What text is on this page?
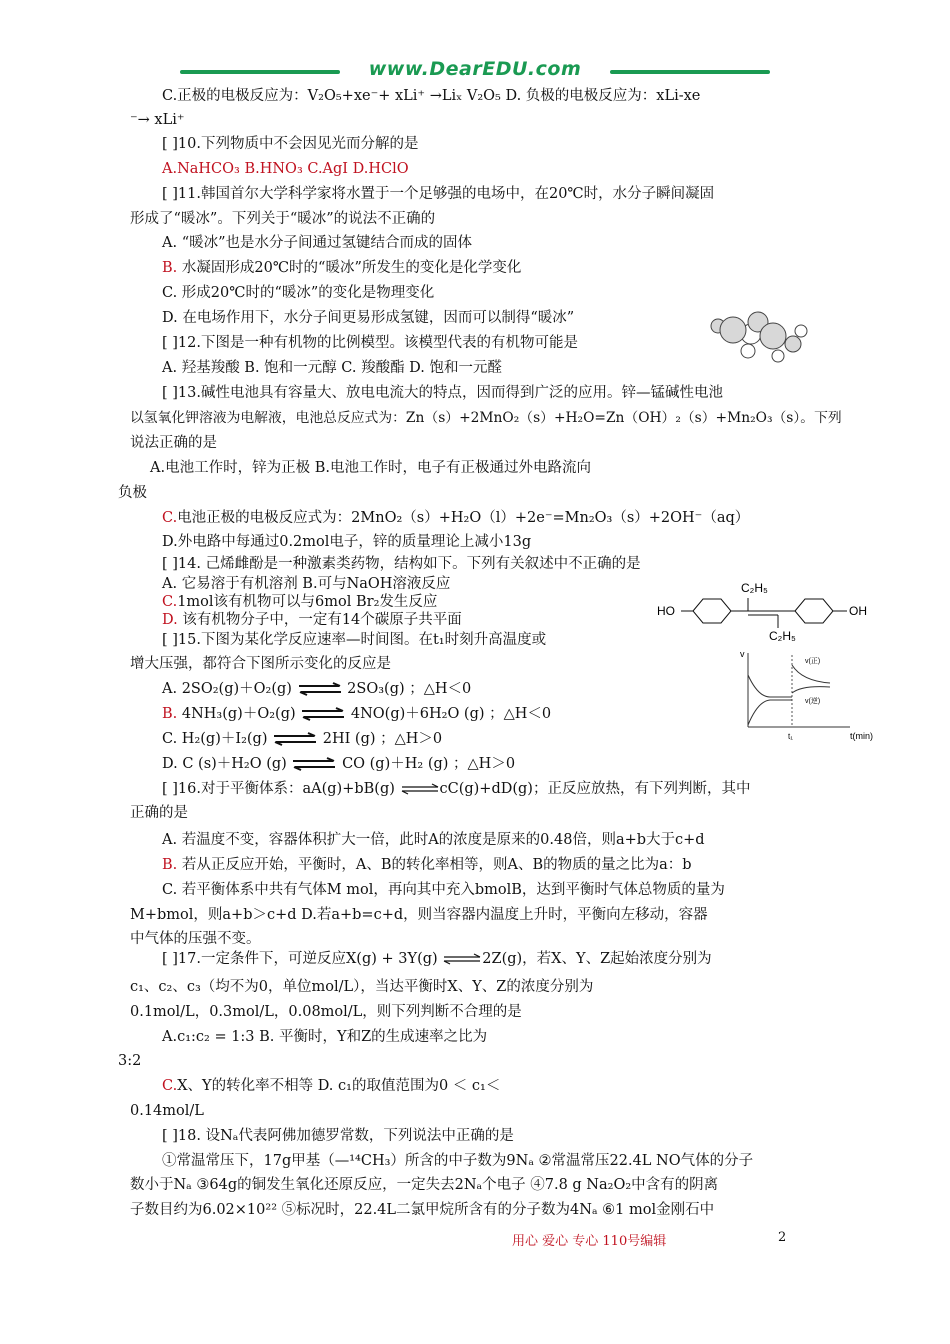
www.DearEDU.com
C.正极的电极反应为：V₂O₅+xe⁻+ xLi⁺ →Liₓ V₂O₅ D. 负极的电极反应为：xLi-xe
⁻→ xLi⁺
[ ]10.下列物质中不会因见光而分解的是
A.NaHCO₃ B.HNO₃ C.AgI D.HClO
[ ]11.韩国首尔大学科学家将水置于一个足够强的电场中，在20℃时，水分子瞬间凝固
形成了“暖冰”。下列关于“暖冰”的说法不正确的
A. “暖冰”也是水分子间通过氢键结合而成的固体
B. 水凝固形成20℃时的“暖冰”所发生的变化是化学变化
C. 形成20℃时的“暖冰”的变化是物理变化
D. 在电场作用下，水分子间更易形成氢键，因而可以制得“暖冰”
[ ]12.下图是一种有机物的比例模型。该模型代表的有机物可能是
A. 羟基羧酸 B. 饱和一元醇 C. 羧酸酯 D. 饱和一元醛
[ ]13.碱性电池具有容量大、放电电流大的特点，因而得到广泛的应用。锌—锰碱性电池
以氢氧化钾溶液为电解液，电池总反应式为：Zn（s）+2MnO₂（s）+H₂O=Zn（OH）₂（s）+Mn₂O₃（s）。下列
说法正确的是
A.电池工作时，锌为正极 B.电池工作时，电子有正极通过外电路流向
负极
C.电池正极的电极反应式为：2MnO₂（s）+H₂O（l）+2e⁻=Mn₂O₃（s）+2OH⁻（aq）
D.外电路中每通过0.2mol电子，锌的质量理论上减小13g
[ ]14. 己烯雌酚是一种激素类药物，结构如下。下列有关叙述中不正确的是
A. 它易溶于有机溶剂 B.可与NaOH溶液反应
C.1mol该有机物可以与6mol Br₂发生反应
D. 该有机物分子中，一定有14个碳原子共平面
[ ]15.下图为某化学反应速率—时间图。在t₁时刻升高温度或
增大压强，都符合下图所示变化的反应是
A. 2SO₂(g)＋O₂(g) ⇌ 2SO₃(g) ；△H＜0
B. 4NH₃(g)＋O₂(g) ⇌ 4NO(g)＋6H₂O (g) ；△H＜0
C. H₂(g)＋I₂(g) ⇌ 2HI (g) ；△H＞0
D. C (s)＋H₂O (g) ⇌ CO (g)＋H₂ (g) ；△H＞0
[ ]16.对于平衡体系：aA(g)+bB(g) ⇌cC(g)+dD(g)；正反应放热，有下列判断，其中
正确的是
A. 若温度不变，容器体积扩大一倍，此时A的浓度是原来的0.48倍，则a+b大于c+d
B. 若从正反应开始，平衡时，A、B的转化率相等，则A、B的物质的量之比为a：b
C. 若平衡体系中共有气体M mol，再向其中充入bmolB，达到平衡时气体总物质的量为
M+bmol，则a+b＞c+d D.若a+b=c+d，则当容器内温度上升时，平衡向左移动，容器
中气体的压强不变。
[ ]17.一定条件下，可逆反应X(g) + 3Y(g) ⇌2Z(g)，若X、Y、Z起始浓度分别为
c₁、c₂、c₃（均不为0，单位mol/L），当达平衡时X、Y、Z的浓度分别为
0.1mol/L，0.3mol/L，0.08mol/L，则下列判断不合理的是
A.c₁:c₂ = 1:3 B. 平衡时，Y和Z的生成速率之比为
3:2
C.X、Y的转化率不相等 D. c₁的取值范围为0 ＜ c₁＜
0.14mol/L
[ ]18. 设Nₐ代表阿佛加德罗常数，下列说法中正确的是
①常温常压下，17g甲基（—¹⁴CH₃）所含的中子数为9Nₐ ②常温常压22.4L NO气体的分子
数小于Nₐ ③64g的铜发生氧化还原反应，一定失去2Nₐ个电子 ④7.8 g Na₂O₂中含有的阴离
子数目约为6.02×10²² ⑤标况时，22.4L二氯甲烷所含有的分子数为4Nₐ ⑥1 mol金刚石中
HO
C₂H₅
C₂H₅
OH
v
t(min)
t₁
v(正)
v(逆)
用心 爱心 专心 110号编辑	2
